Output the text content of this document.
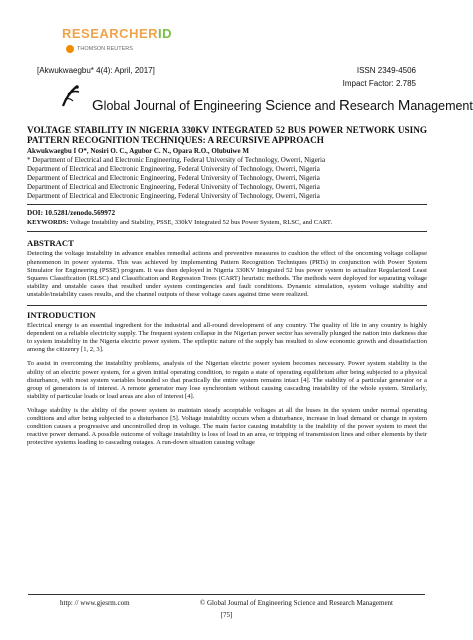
RESEARCHERID
THOMSON REUTERS
[Akwukwaegbu* 4(4): April, 2017]	ISSN 2349-4506
Impact Factor: 2.785
Global Journal of Engineering Science and Research Management
VOLTAGE STABILITY IN NIGERIA 330KV INTEGRATED 52 BUS POWER NETWORK USING PATTERN RECOGNITION TECHNIQUES: A RECURSIVE APPROACH
Akwukwaegbu I O*, Nosiri O. C., Agubor C. N., Opara R.O., Olubuiwe M
* Department of Electrical and Electronic Engineering, Federal University of Technology, Owerri, Nigeria
Department of Electrical and Electronic Engineering, Federal University of Technology, Owerri, Nigeria
Department of Electrical and Electronic Engineering, Federal University of Technology, Owerri, Nigeria
Department of Electrical and Electronic Engineering, Federal University of Technology, Owerri, Nigeria
Department of Electrical and Electronic Engineering, Federal University of Technology, Owerri, Nigeria
DOI: 10.5281/zenodo.569972
KEYWORDS: Voltage Instability and Stability, PSSE, 330kV Integrated 52 bus Power System, RLSC, and CART.
ABSTRACT

Detecting the voltage instability in advance enables remedial actions and preventive measures to cushion the effect of the oncoming voltage collapse phenomenon in power systems. This was achieved by implementing Pattern Recognition Techniques (PRTs) in conjunction with Power System Simulator for Engineering (PSSE) program. It was then deployed in Nigeria 330KV Integrated 52 bus power system to actualize Regularized Least Squares Classification (RLSC) and Classification and Regression Trees (CART) heuristic methods. The methods were deployed for separating voltage stability and unstable cases that resulted under system contingencies and fault conditions. Dynamic simulation, system voltage stability and unstable/instability cases results, and the channel outputs of these voltage cases against time were realized.

INTRODUCTION

Electrical energy is an essential ingredient for the industrial and all-round development of any country. The quality of life in any country is highly dependent on a reliable electricity supply. The frequent system collapse in the Nigerian power sector has severally plunged the nation into darkness due to system instability in the Nigeria electric power system. The epileptic nature of the supply has resulted to slow economic growth and dissatisfaction among the citizenry [1, 2, 3].

To assist in overcoming the instability problems, analysis of the Nigerian electric power system becomes necessary. Power system stability is the ability of an electric power system, for a given initial operating condition, to regain a state of operating equilibrium after being subjected to a physical disturbance, with most system variables bounded so that practically the entire system remains intact [4]. The stability of a particular generator or a group of generators is of interest. A remote generator may lose synchronism without causing cascading instability of the whole system. Similarly, stability of particular loads or load areas are also of interest [4].

Voltage stability is the ability of the power system to maintain steady acceptable voltages at all the buses in the system under normal operating conditions and after being subjected to a disturbance [5]. Voltage instability occurs when a disturbance, increase in load demand or change in system condition causes a progressive and uncontrolled drop in voltage. The main factor causing instability is the inability of the power system to meet the reactive power demand. A possible outcome of voltage instability is loss of load in an area, or tripping of transmission lines and other elements by their protective systems leading to cascading outages. A run-down situation causing voltage

http: // www.gjesrm.com	© Global Journal of Engineering Science and Research Management
[75]
